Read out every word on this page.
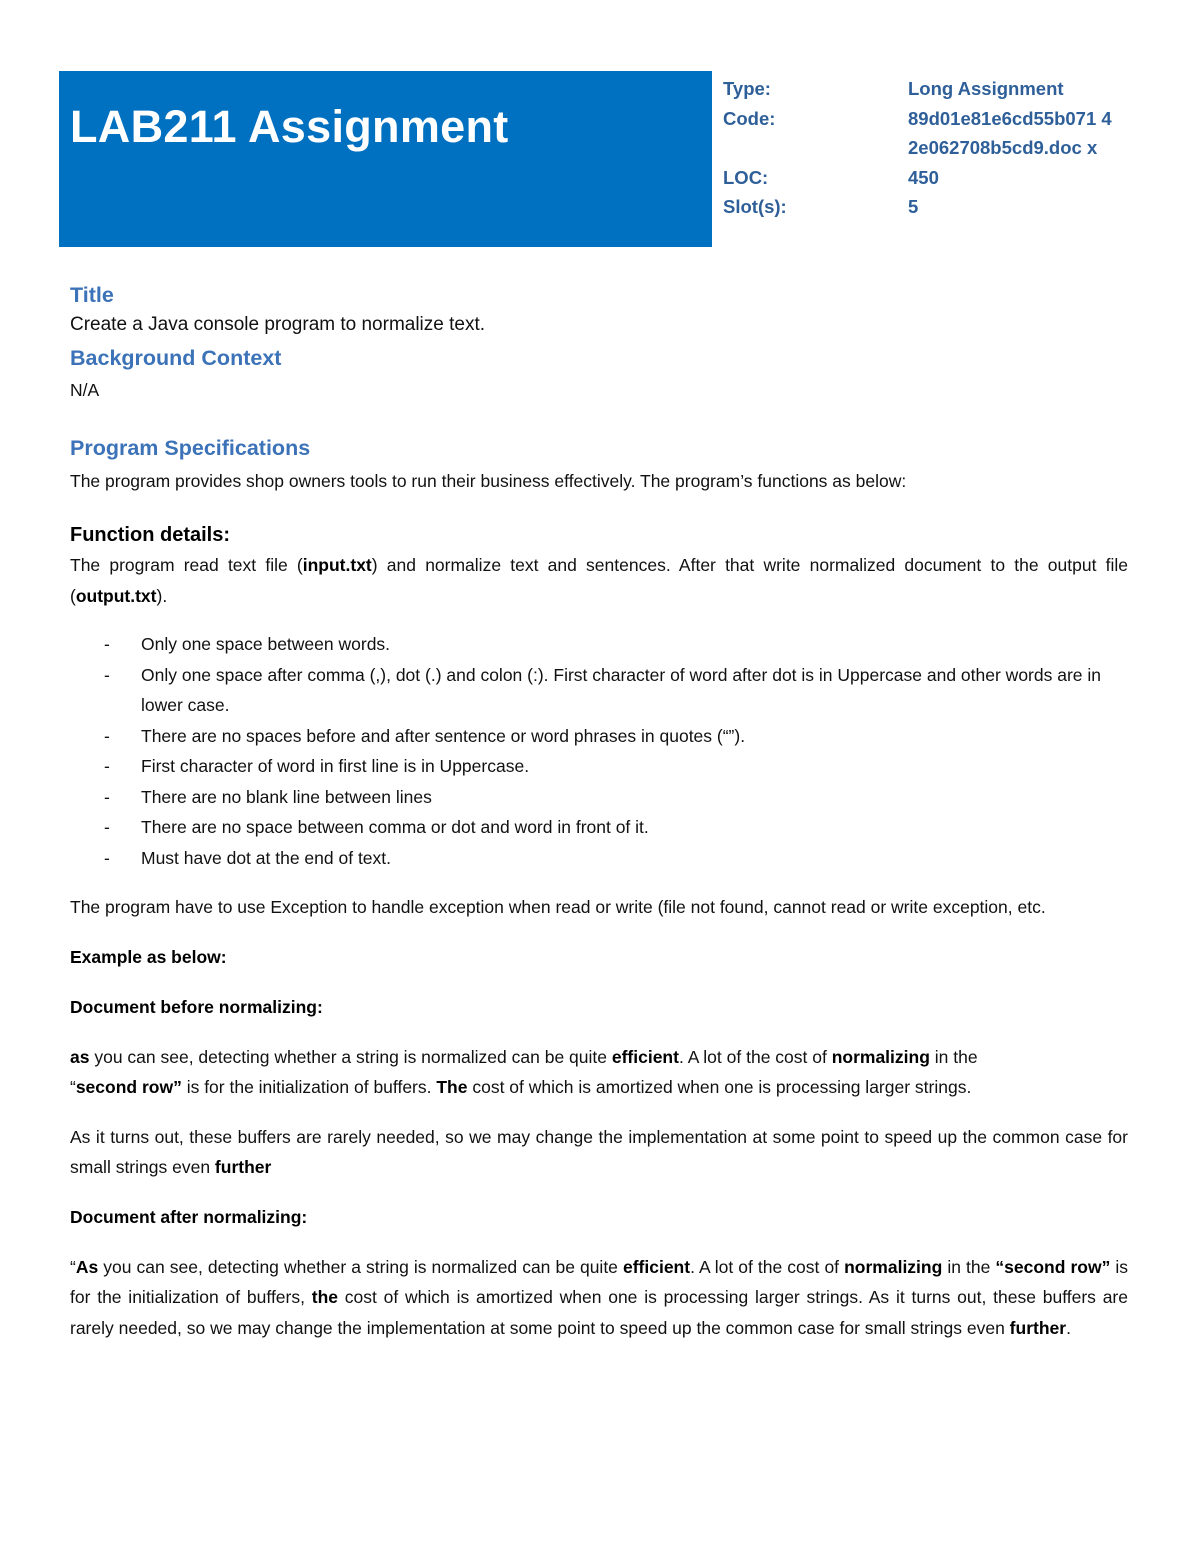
LAB211 Assignment
Type:	Long Assignment
Code:	89d01e81e6cd55b071 42e062708b5cd9.doc x
LOC:	450
Slot(s):	5
Title
Create a Java console program to normalize text.
Background Context
N/A
Program Specifications
The program provides shop owners tools to run their business effectively. The program’s functions as below:
Function details:
The program read text file (input.txt) and normalize text and sentences. After that write normalized document to the output file (output.txt).
- Only one space between words.
- Only one space after comma (,), dot (.) and colon (:). First character of word after dot is in Uppercase and other words are in lower case.
- There are no spaces before and after sentence or word phrases in quotes (“”).
- First character of word in first line is in Uppercase.
- There are no blank line between lines
- There are no space between comma or dot and word in front of it.
- Must have dot at the end of text.
The program have to use Exception to handle exception when read or write (file not found, cannot read or write exception, etc.
Example as below:
Document before normalizing:
as you can see, detecting whether a string is normalized can be quite efficient. A lot of the cost of normalizing in the
“second row” is for the initialization of buffers. The cost of which is amortized when one is processing larger strings.
As it turns out, these buffers are rarely needed, so we may change the implementation at some point to speed up the common case for small strings even further
Document after normalizing:
“As you can see, detecting whether a string is normalized can be quite efficient. A lot of the cost of normalizing in the “second row” is for the initialization of buffers, the cost of which is amortized when one is processing larger strings. As it turns out, these buffers are rarely needed, so we may change the implementation at some point to speed up the common case for small strings even further.
